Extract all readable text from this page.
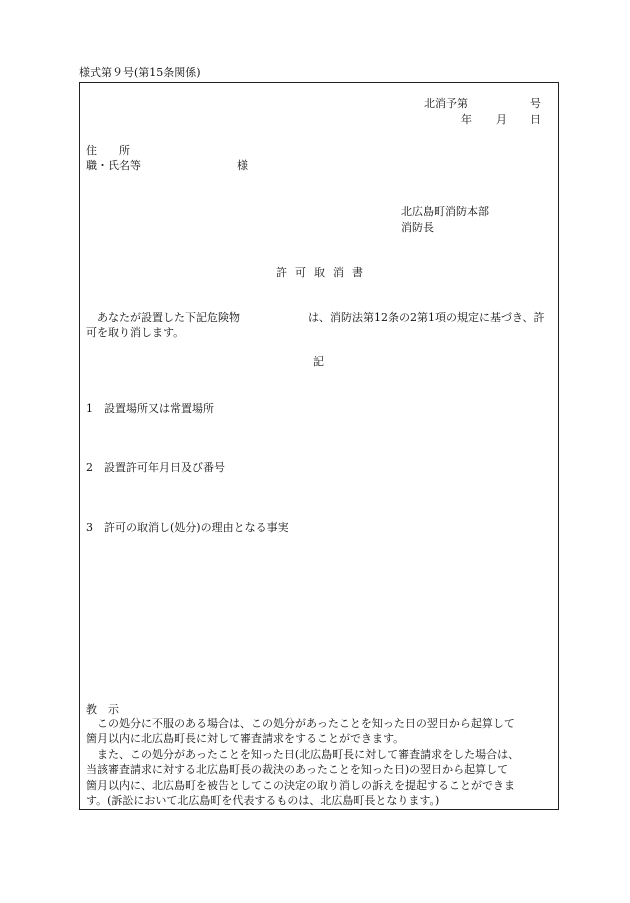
様式第９号(第15条関係)
北消予第	号
年 月 日
住　　所
職・氏名等	様
北広島町消防本部
消防長
許可取消書
あなたが設置した下記危険物	は、消防法第12条の2第1項の規定に基づき、許
可を取り消します。
記
1 設置場所又は常置場所
2 設置許可年月日及び番号
3 許可の取消し(処分)の理由となる事実
教　示
　この処分に不服のある場合は、この処分があったことを知った日の翌日から起算して
箇月以内に北広島町長に対して審査請求をすることができます。
　また、この処分があったことを知った日(北広島町長に対して審査請求をした場合は、
当該審査請求に対する北広島町長の裁決のあったことを知った日)の翌日から起算して
箇月以内に、北広島町を被告としてこの決定の取り消しの訴えを提起することができま
す。(訴訟において北広島町を代表するものは、北広島町長となります。)
